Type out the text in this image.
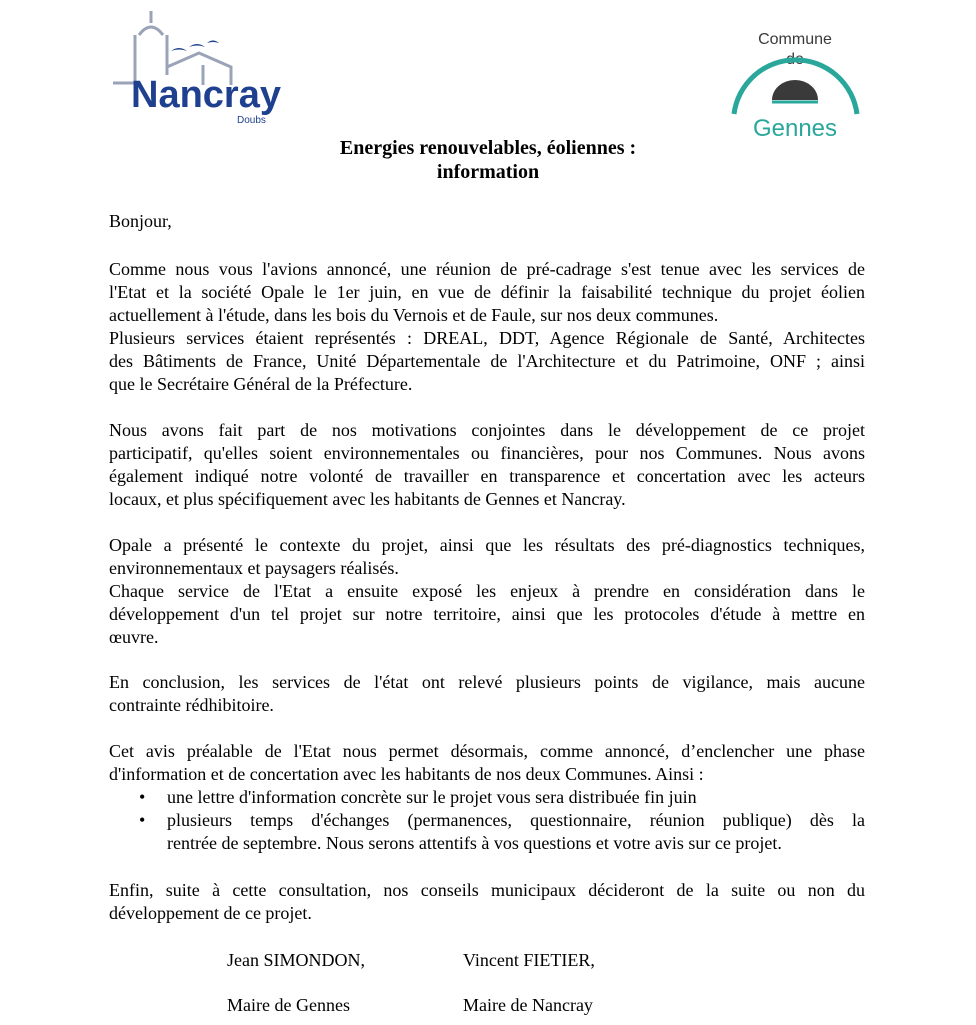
Nancray
Doubs
Commune
de
Gennes
Energies renouvelables, éoliennes :
information
Bonjour,
Comme nous vous l'avions annoncé, une réunion de pré-cadrage s'est tenue avec les services de
l'Etat et la société Opale le 1er juin, en vue de définir la faisabilité technique du projet éolien
actuellement à l'étude, dans les bois du Vernois et de Faule, sur nos deux communes.
Plusieurs services étaient représentés : DREAL, DDT, Agence Régionale de Santé, Architectes
des Bâtiments de France, Unité Départementale de l'Architecture et du Patrimoine, ONF ; ainsi
que le Secrétaire Général de la Préfecture.
Nous avons fait part de nos motivations conjointes dans le développement de ce projet
participatif, qu'elles soient environnementales ou financières, pour nos Communes. Nous avons
également indiqué notre volonté de travailler en transparence et concertation avec les acteurs
locaux, et plus spécifiquement avec les habitants de Gennes et Nancray.
Opale a présenté le contexte du projet, ainsi que les résultats des pré-diagnostics techniques,
environnementaux et paysagers réalisés.
Chaque service de l'Etat a ensuite exposé les enjeux à prendre en considération dans le
développement d'un tel projet sur notre territoire, ainsi que les protocoles d'étude à mettre en
œuvre.
En conclusion, les services de l'état ont relevé plusieurs points de vigilance, mais aucune
contrainte rédhibitoire.
Cet avis préalable de l'Etat nous permet désormais, comme annoncé, d’enclencher une phase
d'information et de concertation avec les habitants de nos deux Communes. Ainsi :
• une lettre d'information concrète sur le projet vous sera distribuée fin juin
• plusieurs temps d'échanges (permanences, questionnaire, réunion publique) dès la
rentrée de septembre. Nous serons attentifs à vos questions et votre avis sur ce projet.
Enfin, suite à cette consultation, nos conseils municipaux décideront de la suite ou non du
développement de ce projet.
Jean SIMONDON,	Vincent FIETIER,
Maire de Gennes	Maire de Nancray
